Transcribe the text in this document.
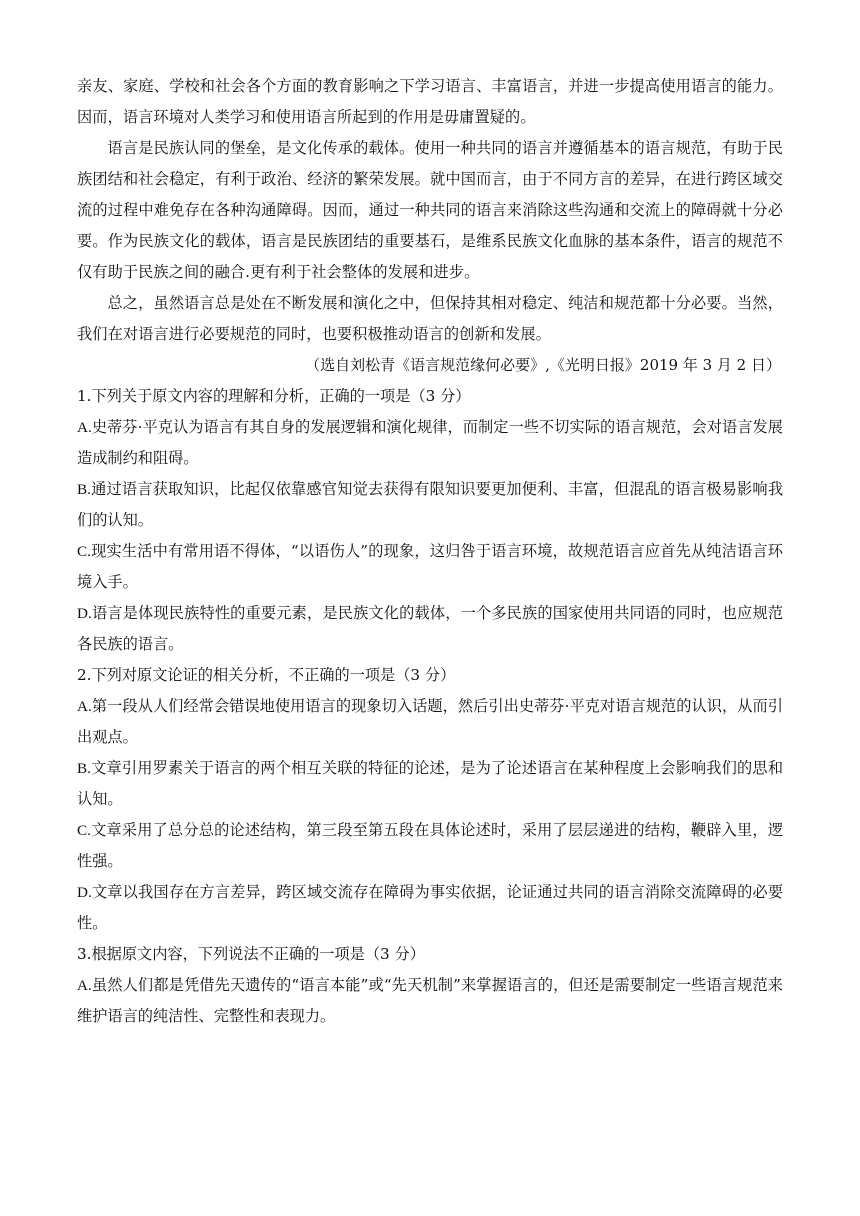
亲友、家庭、学校和社会各个方面的教育影响之下学习语言、丰富语言，并进一步提高使用语言的能力。因而，语言环境对人类学习和使用语言所起到的作用是毋庸置疑的。

语言是民族认同的堡垒，是文化传承的载体。使用一种共同的语言并遵循基本的语言规范，有助于民族团结和社会稳定，有利于政治、经济的繁荣发展。就中国而言，由于不同方言的差异，在进行跨区域交流的过程中难免存在各种沟通障碍。因而，通过一种共同的语言来消除这些沟通和交流上的障碍就十分必要。作为民族文化的载体，语言是民族团结的重要基石，是维系民族文化血脉的基本条件，语言的规范不仅有助于民族之间的融合.更有利于社会整体的发展和进步。

总之，虽然语言总是处在不断发展和演化之中，但保持其相对稳定、纯洁和规范都十分必要。当然，我们在对语言进行必要规范的同时，也要积极推动语言的创新和发展。

（选自刘松青《语言规范缘何必要》,《光明日报》2019 年 3 月 2 日）

1.下列关于原文内容的理解和分析，正确的一项是（3 分）

A.史蒂芬·平克认为语言有其自身的发展逻辑和演化规律，而制定一些不切实际的语言规范，会对语言发展造成制约和阻碍。

B.通过语言获取知识，比起仅依靠感官知觉去获得有限知识要更加便利、丰富，但混乱的语言极易影响我们的认知。

C.现实生活中有常用语不得体，“以语伤人”的现象，这归咎于语言环境，故规范语言应首先从纯洁语言环境入手。

D.语言是体现民族特性的重要元素，是民族文化的载体，一个多民族的国家使用共同语的同时，也应规范各民族的语言。

2.下列对原文论证的相关分析，不正确的一项是（3 分）

A.第一段从人们经常会错误地使用语言的现象切入话题，然后引出史蒂芬·平克对语言规范的认识，从而引出观点。

B.文章引用罗素关于语言的两个相互关联的特征的论述，是为了论述语言在某种程度上会影响我们的思和认知。

C.文章采用了总分总的论述结构，第三段至第五段在具体论述时，采用了层层递进的结构，鞭辟入里，逻性强。

D.文章以我国存在方言差异，跨区域交流存在障碍为事实依据，论证通过共同的语言消除交流障碍的必要性。

3.根据原文内容，下列说法不正确的一项是（3 分）

A.虽然人们都是凭借先天遗传的“语言本能”或“先天机制”来掌握语言的，但还是需要制定一些语言规范来维护语言的纯洁性、完整性和表现力。
